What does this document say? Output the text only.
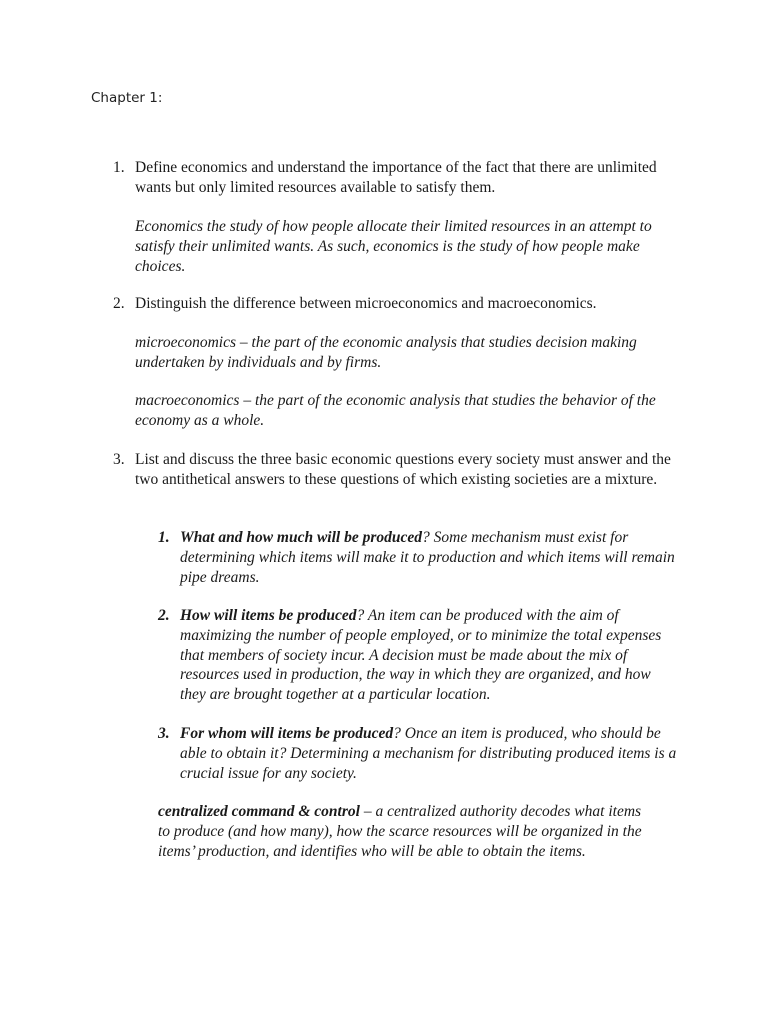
Chapter 1:
1. Define economics and understand the importance of the fact that there are unlimited wants but only limited resources available to satisfy them.
Economics the study of how people allocate their limited resources in an attempt to satisfy their unlimited wants. As such, economics is the study of how people make choices.
2. Distinguish the difference between microeconomics and macroeconomics.
microeconomics – the part of the economic analysis that studies decision making undertaken by individuals and by firms.
macroeconomics – the part of the economic analysis that studies the behavior of the economy as a whole.
3. List and discuss the three basic economic questions every society must answer and the two antithetical answers to these questions of which existing societies are a mixture.
1. What and how much will be produced? Some mechanism must exist for determining which items will make it to production and which items will remain pipe dreams.
2. How will items be produced? An item can be produced with the aim of maximizing the number of people employed, or to minimize the total expenses that members of society incur. A decision must be made about the mix of resources used in production, the way in which they are organized, and how they are brought together at a particular location.
3. For whom will items be produced? Once an item is produced, who should be able to obtain it? Determining a mechanism for distributing produced items is a crucial issue for any society.
centralized command & control – a centralized authority decodes what items to produce (and how many), how the scarce resources will be organized in the items’ production, and identifies who will be able to obtain the items.
